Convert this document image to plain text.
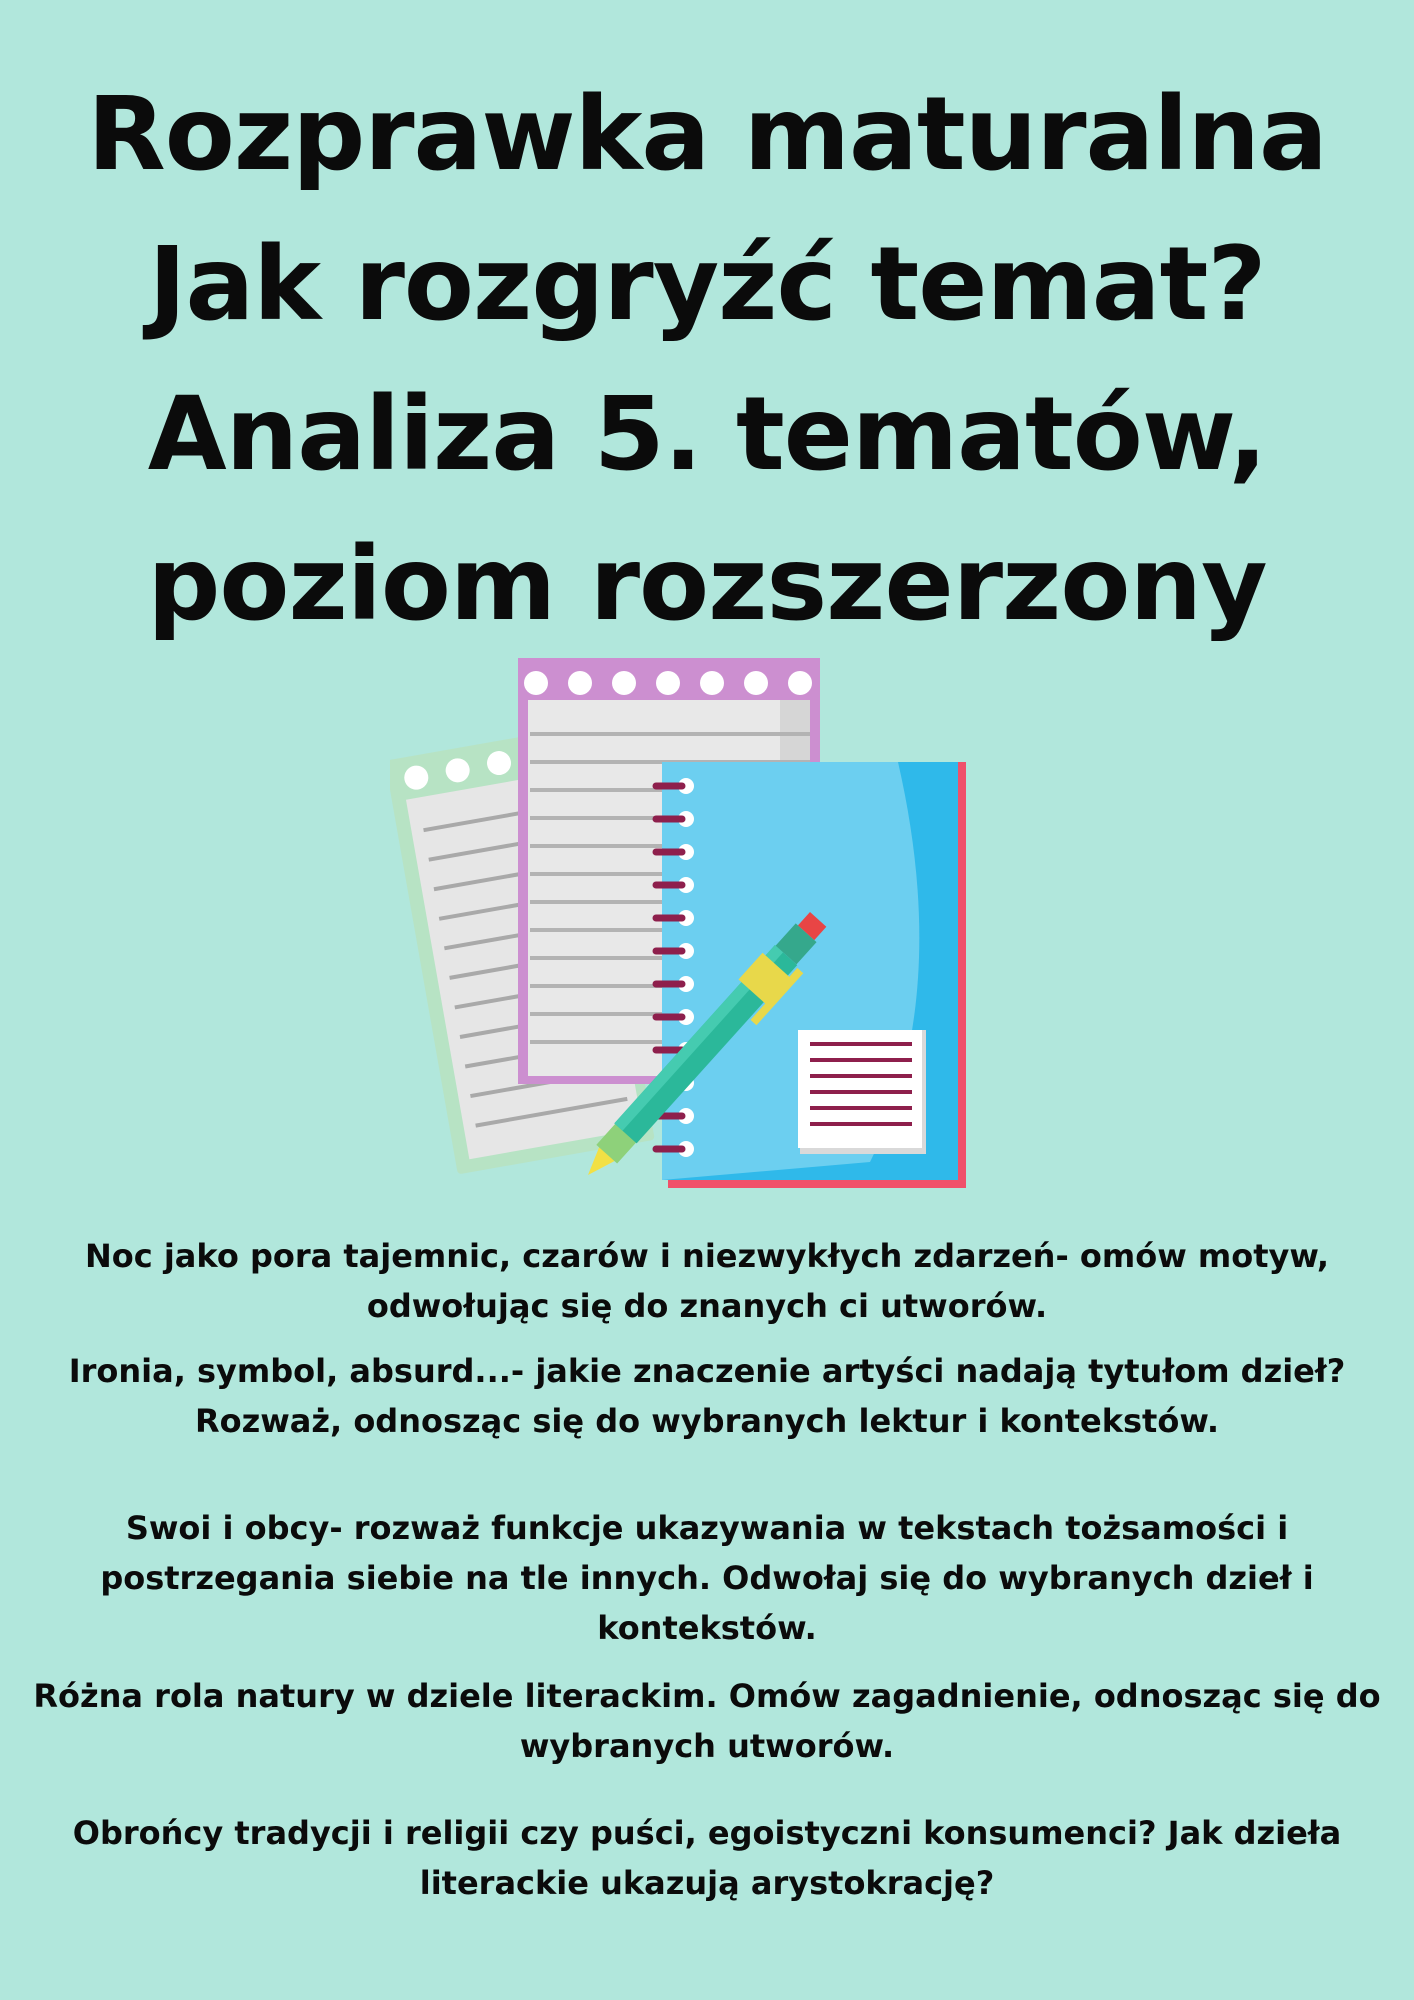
Rozprawka maturalna
Jak rozgryźć temat?
Analiza 5. tematów,
poziom rozszerzony
Noc jako pora tajemnic, czarów i niezwykłych zdarzeń- omów motyw, odwołując się do znanych ci utworów.
Ironia, symbol, absurd...- jakie znaczenie artyści nadają tytułom dzieł? Rozważ, odnosząc się do wybranych lektur i kontekstów.
Swoi i obcy- rozważ funkcje ukazywania w tekstach tożsamości i postrzegania siebie na tle innych. Odwołaj się do wybranych dzieł i kontekstów.
Różna rola natury w dziele literackim. Omów zagadnienie, odnosząc się do wybranych utworów.
Obrońcy tradycji i religii czy puści, egoistyczni konsumenci? Jak dzieła literackie ukazują arystokrację?
